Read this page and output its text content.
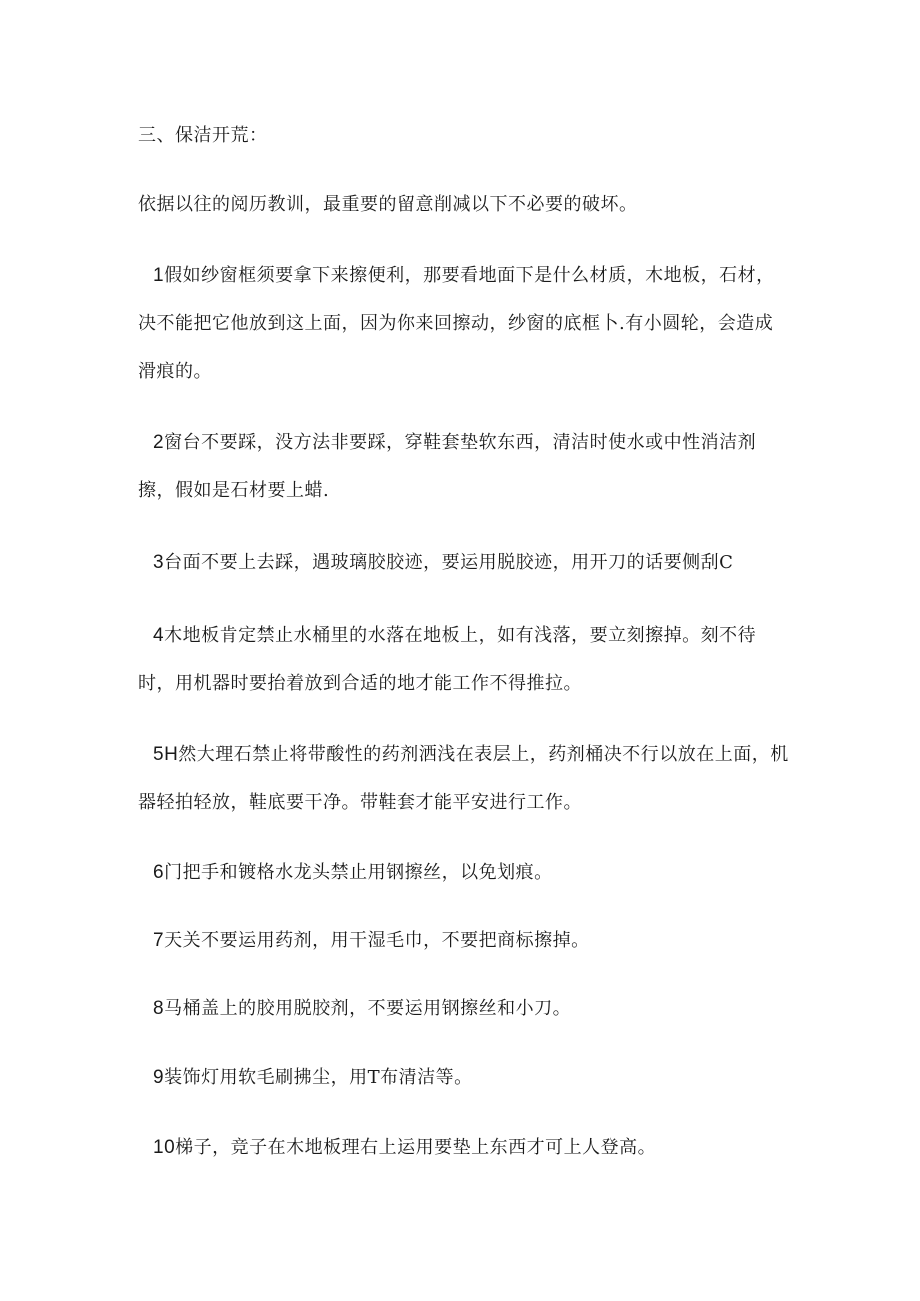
三、保洁开荒：
依据以往的阅历教训，最重要的留意削减以下不必要的破坏。
1假如纱窗框须要拿下来擦便利，那要看地面下是什么材质，木地板，石材，
决不能把它他放到这上面，因为你来回擦动，纱窗的底框卜.有小圆轮，会造成
滑痕的。
2窗台不要踩，没方法非要踩，穿鞋套垫软东西，清洁时使水或中性消洁剂
擦，假如是石材要上蜡.
3台面不要上去踩，遇玻璃胶胶迹，要运用脱胶迹，用开刀的话要侧刮C
4木地板肯定禁止水桶里的水落在地板上，如有浅落，要立刻擦掉。刻不待
时，用机器时要抬着放到合适的地才能工作不得推拉。
5H然大理石禁止将带酸性的药剂洒浅在表层上，药剂桶决不行以放在上面，机
器轻拍轻放，鞋底要干净。带鞋套才能平安进行工作。
6门把手和镀格水龙头禁止用钢擦丝，以免划痕。
7天关不要运用药剂，用干湿毛巾，不要把商标擦掉。
8马桶盖上的胶用脱胶剂，不要运用钢擦丝和小刀。
9装饰灯用软毛刷拂尘，用T布清洁等。
10梯子，竞子在木地板理右上运用要垫上东西才可上人登高。
